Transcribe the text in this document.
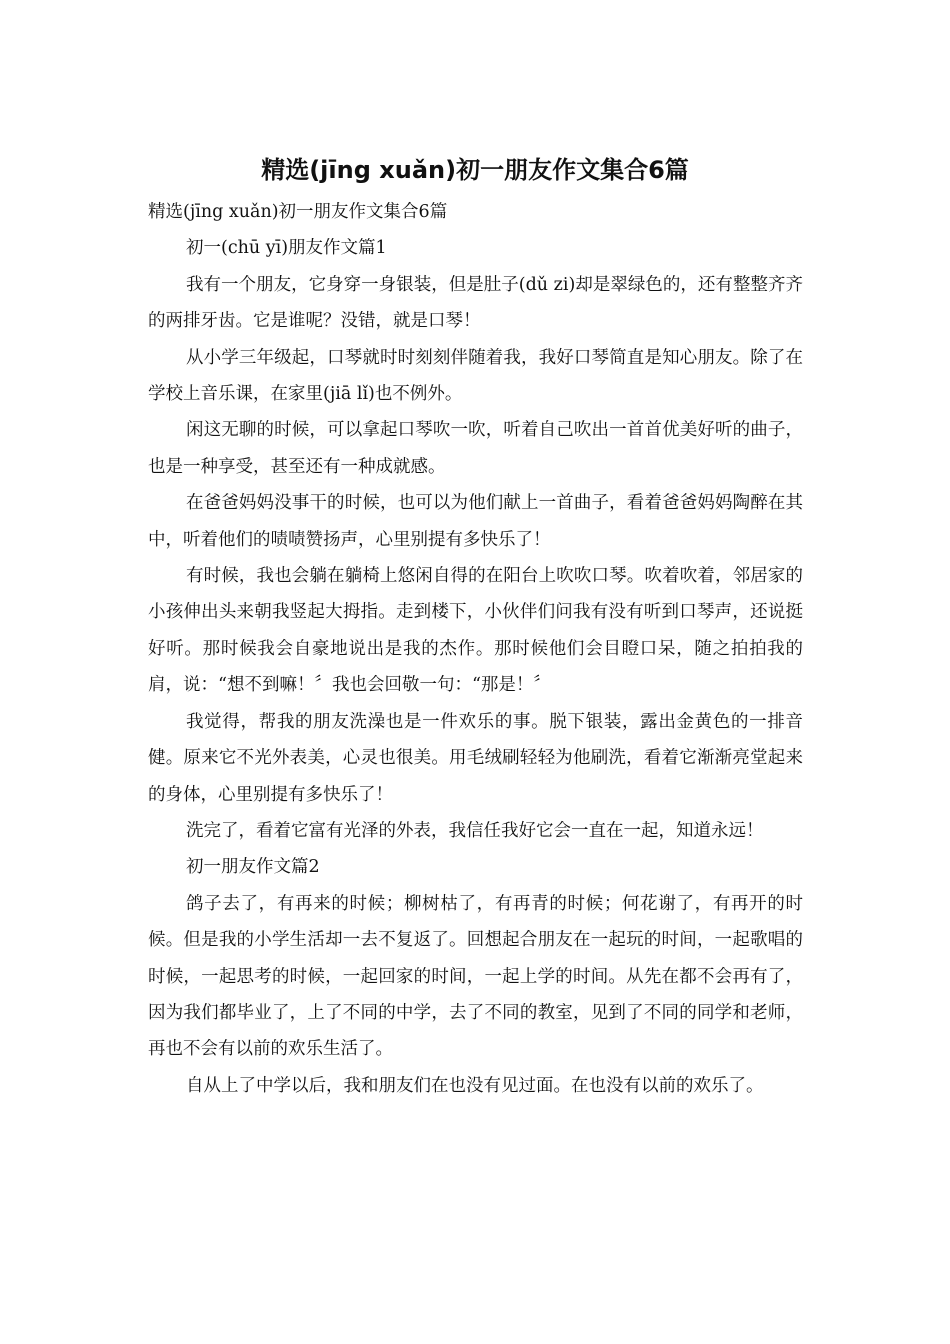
精选(jīng xuǎn)初一朋友作文集合6篇

精选(jīng xuǎn)初一朋友作文集合6篇

初一(chū yī)朋友作文篇1

我有一个朋友，它身穿一身银装，但是肚子(dǔ zi)却是翠绿色的，还有整整齐齐的两排牙齿。它是谁呢？没错，就是口琴！

从小学三年级起，口琴就时时刻刻伴随着我，我好口琴简直是知心朋友。除了在学校上音乐课，在家里(jiā lǐ)也不例外。

闲这无聊的时候，可以拿起口琴吹一吹，听着自己吹出一首首优美好听的曲子，也是一种享受，甚至还有一种成就感。

在爸爸妈妈没事干的时候，也可以为他们献上一首曲子，看着爸爸妈妈陶醉在其中，听着他们的啧啧赞扬声，心里别提有多快乐了！

有时候，我也会躺在躺椅上悠闲自得的在阳台上吹吹口琴。吹着吹着，邻居家的小孩伸出头来朝我竖起大拇指。走到楼下，小伙伴们问我有没有听到口琴声，还说挺好听。那时候我会自豪地说出是我的杰作。那时候他们会目瞪口呆，随之拍拍我的肩，说：“想不到嘛！〞我也会回敬一句：“那是！〞

我觉得，帮我的朋友洗澡也是一件欢乐的事。脱下银装，露出金黄色的一排音健。原来它不光外表美，心灵也很美。用毛绒刷轻轻为他刷洗，看着它渐渐亮堂起来的身体，心里别提有多快乐了！

洗完了，看着它富有光泽的外表，我信任我好它会一直在一起，知道永远！

初一朋友作文篇2

鸽子去了，有再来的时候；柳树枯了，有再青的时候；何花谢了，有再开的时候。但是我的小学生活却一去不复返了。回想起合朋友在一起玩的时间，一起歌唱的时候，一起思考的时候，一起回家的时间，一起上学的时间。从先在都不会再有了，因为我们都毕业了，上了不同的中学，去了不同的教室，见到了不同的同学和老师，再也不会有以前的欢乐生活了。

自从上了中学以后，我和朋友们在也没有见过面。在也没有以前的欢乐了。
